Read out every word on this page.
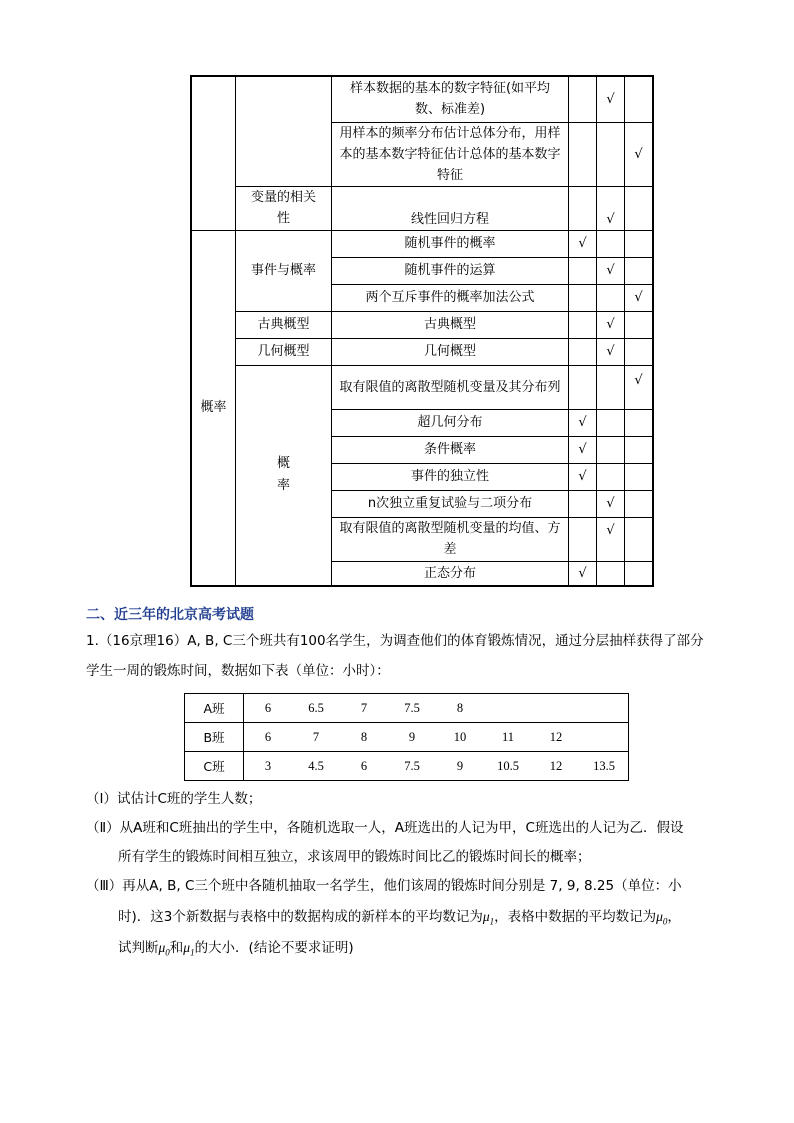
		样本数据的基本的数字特征(如平均数、标准差)		√	
		用样本的频率分布估计总体分布，用样本的基本数字特征估计总体的基本数字特征			√
	变量的相关性	线性回归方程		√	
概率	事件与概率	随机事件的概率	√		
		随机事件的运算		√	
		两个互斥事件的概率加法公式			√
	古典概型	古典概型		√	
	几何概型	几何概型		√	

	概率	取有限值的离散型随机变量及其分布列			√
		超几何分布	√		
		条件概率	√		
		事件的独立性	√		
		n次独立重复试验与二项分布		√	
		取有限值的离散型随机变量的均值、方差		√	
		正态分布	√		
二、近三年的北京高考试题
1.（16京理16）A, B, C三个班共有100名学生，为调查他们的体育锻炼情况，通过分层抽样获得了部分
学生一周的锻炼时间，数据如下表（单位：小时）：
A班	6	6.5	7	7.5	8			
B班	6	7	8	9	10	11	12	
C班	3	4.5	6	7.5	9	10.5	12	13.5
（Ⅰ）试估计C班的学生人数；
（Ⅱ）从A班和C班抽出的学生中，各随机选取一人，A班选出的人记为甲，C班选出的人记为乙．假设
所有学生的锻炼时间相互独立，求该周甲的锻炼时间比乙的锻炼时间长的概率；
（Ⅲ）再从A, B, C三个班中各随机抽取一名学生，他们该周的锻炼时间分别是 7, 9, 8.25（单位：小
时)．这3个新数据与表格中的数据构成的新样本的平均数记为$\mu_1$，表格中数据的平均数记为$\mu_0$，
试判断$\mu_0$和$\mu_1$的大小．(结论不要求证明)
